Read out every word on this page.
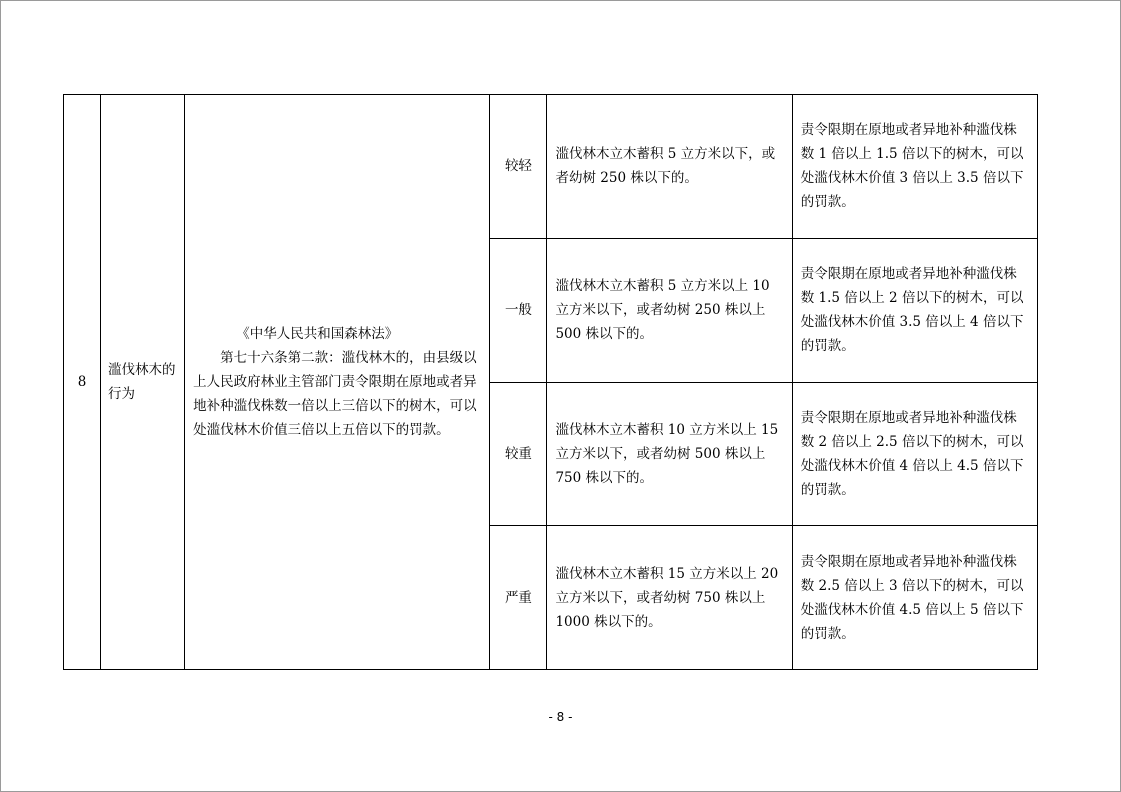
8	滥伐林木的行为	《中华人民共和国森林法》
第七十六条第二款：滥伐林木的，由县级以上人民政府林业主管部门责令限期在原地或者异地补种滥伐株数一倍以上三倍以下的树木，可以处滥伐林木价值三倍以上五倍以下的罚款。	较轻	滥伐林木立木蓄积 5 立方米以下，或者幼树 250 株以下的。	责令限期在原地或者异地补种滥伐株数 1 倍以上 1.5 倍以下的树木，可以处滥伐林木价值 3 倍以上 3.5 倍以下的罚款。
			一般	滥伐林木立木蓄积 5 立方米以上 10 立方米以下，或者幼树 250 株以上 500 株以下的。	责令限期在原地或者异地补种滥伐株数 1.5 倍以上 2 倍以下的树木，可以处滥伐林木价值 3.5 倍以上 4 倍以下的罚款。
			较重	滥伐林木立木蓄积 10 立方米以上 15 立方米以下，或者幼树 500 株以上 750 株以下的。	责令限期在原地或者异地补种滥伐株数 2 倍以上 2.5 倍以下的树木，可以处滥伐林木价值 4 倍以上 4.5 倍以下的罚款。
			严重	滥伐林木立木蓄积 15 立方米以上 20 立方米以下，或者幼树 750 株以上 1000 株以下的。	责令限期在原地或者异地补种滥伐株数 2.5 倍以上 3 倍以下的树木，可以处滥伐林木价值 4.5 倍以上 5 倍以下的罚款。
- 8 -
